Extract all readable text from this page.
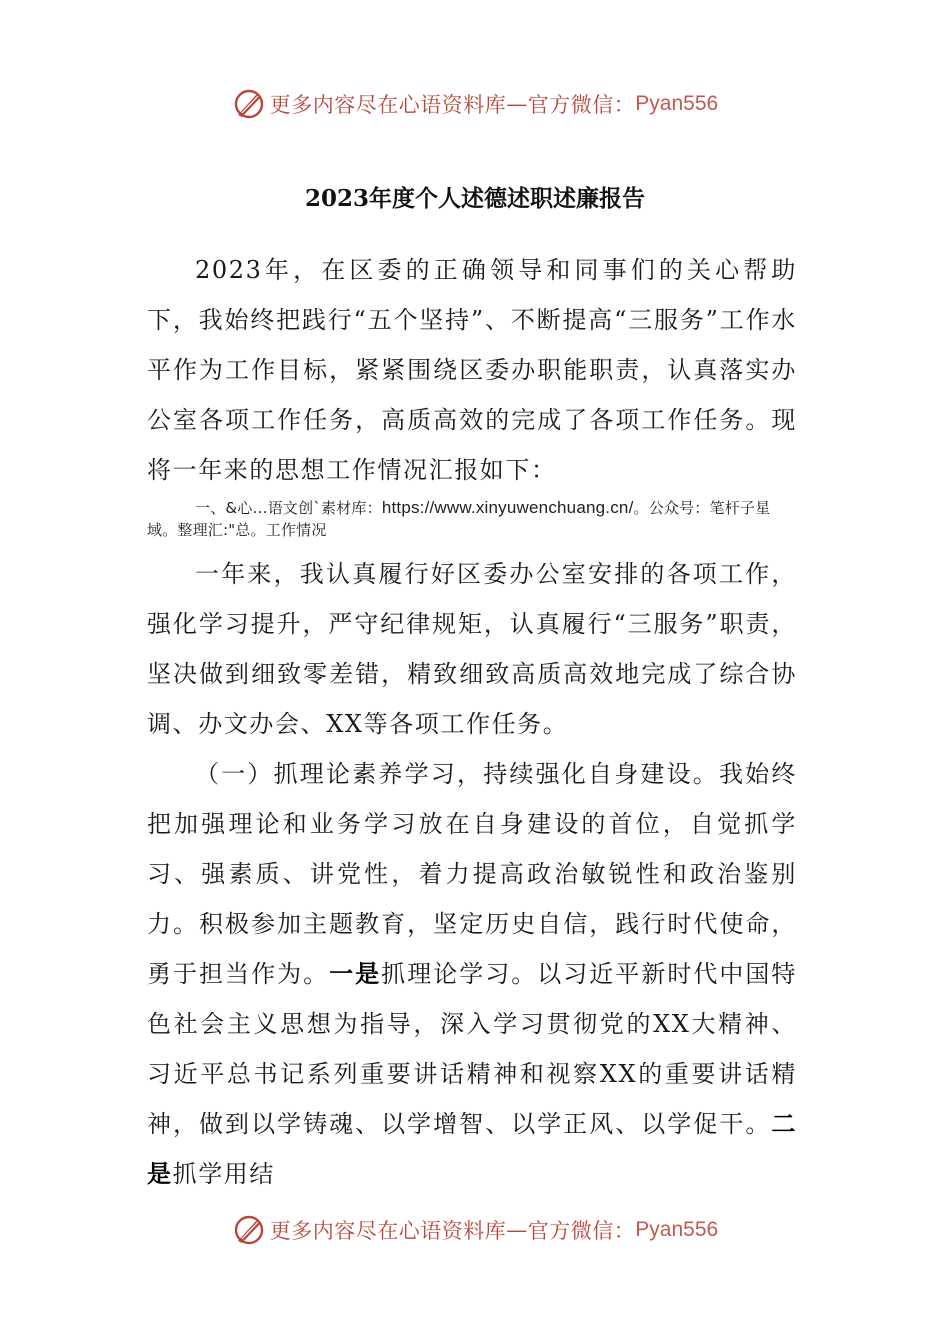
更多内容尽在心语资料库 — 官方微信： Pyan556
2023年度个人述德述职述廉报告

2023年，在区委的正确领导和同事们的关心帮助下，我始终把践行“五个坚持”、不断提高“三服务”工作水平作为工作目标，紧紧围绕区委办职能职责，认真落实办公室各项工作任务，高质高效的完成了各项工作任务。现将一年来的思想工作情况汇报如下：

一、&心…语文创`素材库：https://www.xinyuwenchuang.cn/。公众号：笔杆子星域。整理汇:"总。工作情况

一年来，我认真履行好区委办公室安排的各项工作，强化学习提升，严守纪律规矩，认真履行“三服务”职责，坚决做到细致零差错，精致细致高质高效地完成了综合协调、办文办会、XX等各项工作任务。

（一）抓理论素养学习，持续强化自身建设。我始终把加强理论和业务学习放在自身建设的首位，自觉抓学习、强素质、讲党性，着力提高政治敏锐性和政治鉴别力。积极参加主题教育，坚定历史自信，践行时代使命，勇于担当作为。一是抓理论学习。以习近平新时代中国特色社会主义思想为指导，深入学习贯彻党的XX大精神、习近平总书记系列重要讲话精神和视察XX的重要讲话精神，做到以学铸魂、以学增智、以学正风、以学促干。二是抓学用结

更多内容尽在心语资料库 — 官方微信： Pyan556
